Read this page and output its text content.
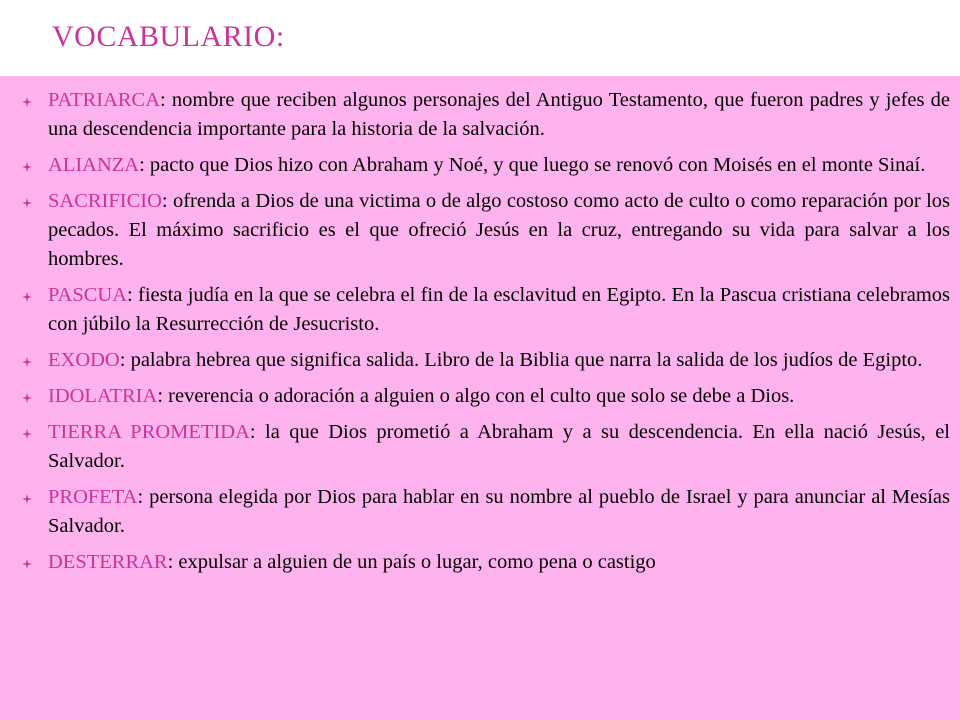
VOCABULARIO:
PATRIARCA: nombre que reciben algunos personajes del Antiguo Testamento, que fueron padres y jefes de una descendencia importante para la historia de la salvación.
ALIANZA: pacto que Dios hizo con Abraham y Noé, y que luego se renovó con Moisés en el monte Sinaí.
SACRIFICIO: ofrenda a Dios de una victima o de algo costoso como acto de culto o como reparación por los pecados. El máximo sacrificio es el que ofreció Jesús en la cruz, entregando su vida para salvar a los hombres.
PASCUA: fiesta judía en la que se celebra el fin de la esclavitud en Egipto. En la Pascua cristiana celebramos con júbilo la Resurrección de Jesucristo.
EXODO: palabra hebrea que significa salida. Libro de la Biblia que narra la salida de los judíos de Egipto.
IDOLATRIA: reverencia o adoración a alguien o algo con el culto que solo se debe a Dios.
TIERRA PROMETIDA: la que Dios prometió a Abraham y a su descendencia. En ella nació Jesús, el Salvador.
PROFETA: persona elegida por Dios para hablar en su nombre al pueblo de Israel y para anunciar al Mesías Salvador.
DESTERRAR: expulsar a alguien de un país o lugar, como pena o castigo
